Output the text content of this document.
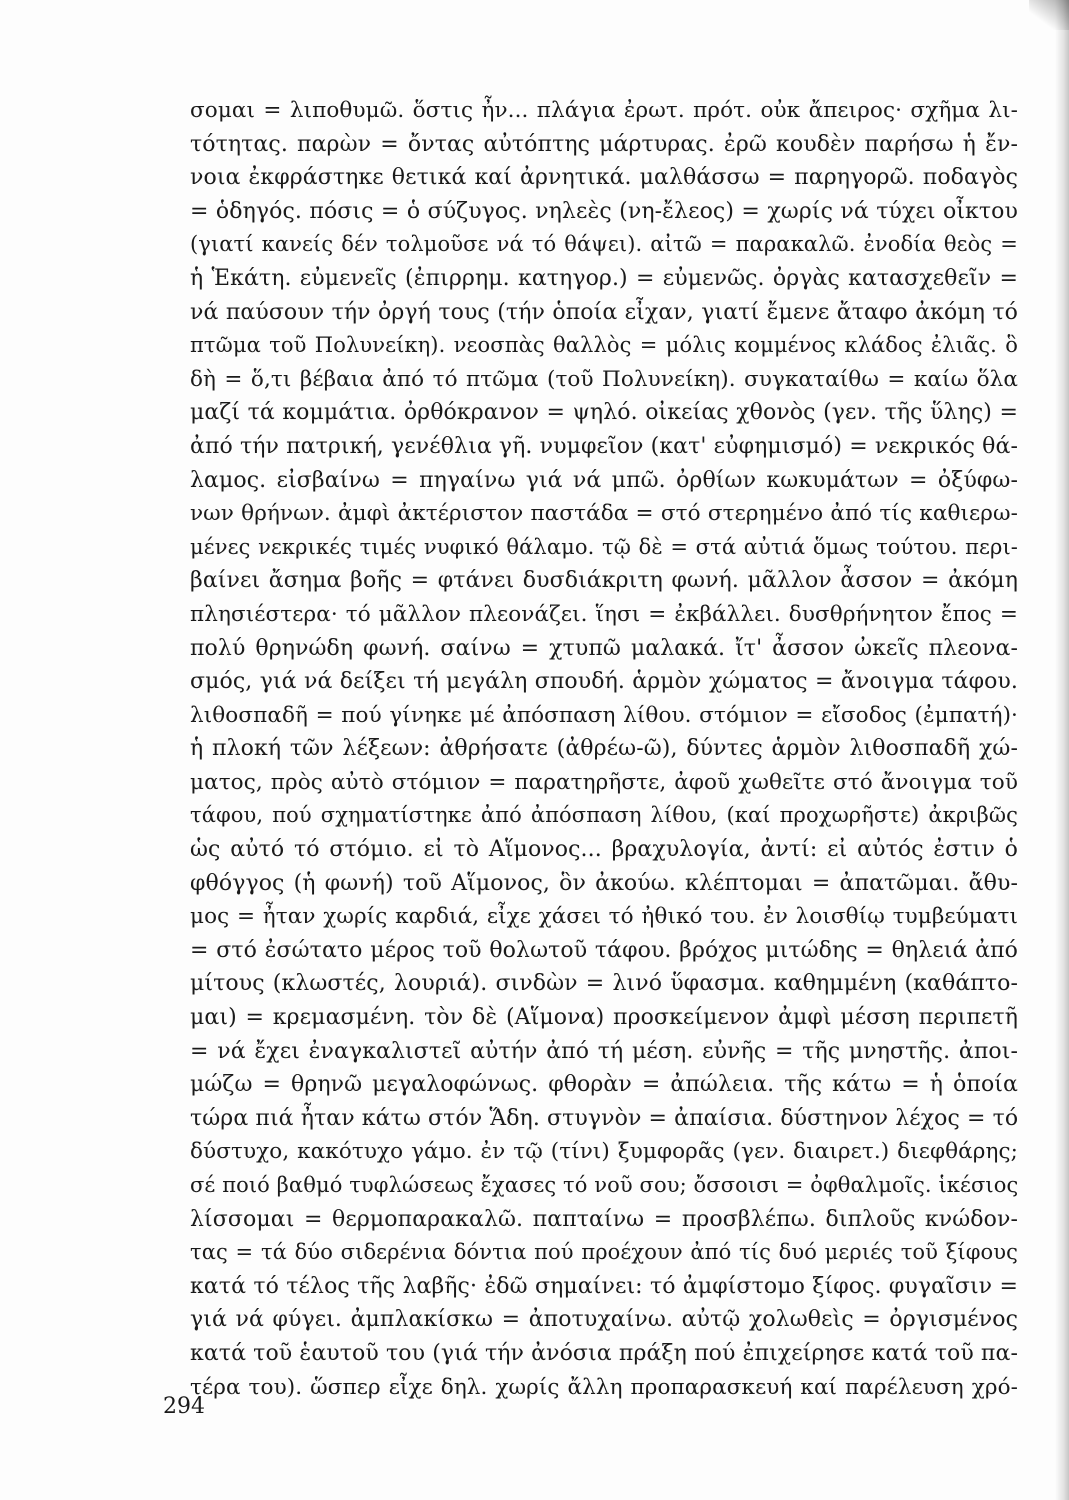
σομαι = λιποθυμῶ. ὅστις ἦν... πλάγια ἐρωτ. πρότ. οὐκ ἄπειρος· σχῆμα λι-
τότητας. παρὼν = ὄντας αὐτόπτης μάρτυρας. ἐρῶ κουδὲν παρήσω ἡ ἔν-
νοια ἐκφράστηκε θετικά καί ἀρνητικά. μαλθάσσω = παρηγορῶ. ποδαγὸς
= ὁδηγός. πόσις = ὁ σύζυγος. νηλεὲς (νη-ἔλεος) = χωρίς νά τύχει οἶκτου
(γιατί κανείς δέν τολμοῦσε νά τό θάψει). αἰτῶ = παρακαλῶ. ἐνοδία θεὸς =
ἡ Ἑκάτη. εὐμενεῖς (ἐπιρρημ. κατηγορ.) = εὐμενῶς. ὀργὰς κατασχεθεῖν =
νά παύσουν τήν ὀργή τους (τήν ὁποία εἶχαν, γιατί ἔμενε ἄταφο ἀκόμη τό
πτῶμα τοῦ Πολυνείκη). νεοσπὰς θαλλὸς = μόλις κομμένος κλάδος ἐλιᾶς. ὃ
δὴ = ὅ,τι βέβαια ἀπό τό πτῶμα (τοῦ Πολυνείκη). συγκαταίθω = καίω ὅλα
μαζί τά κομμάτια. ὀρθόκρανον = ψηλό. οἰκείας χθονὸς (γεν. τῆς ὕλης) =
ἀπό τήν πατρική, γενέθλια γῆ. νυμφεῖον (κατ' εὐφημισμό) = νεκρικός θά-
λαμος. εἰσβαίνω = πηγαίνω γιά νά μπῶ. ὀρθίων κωκυμάτων = ὀξύφω-
νων θρήνων. ἀμφὶ ἀκτέριστον παστάδα = στό στερημένο ἀπό τίς καθιερω-
μένες νεκρικές τιμές νυφικό θάλαμο. τῷ δὲ = στά αὐτιά ὅμως τούτου. περι-
βαίνει ἄσημα βοῆς = φτάνει δυσδιάκριτη φωνή. μᾶλλον ἆσσον = ἀκόμη
πλησιέστερα· τό μᾶλλον πλεονάζει. ἵησι = ἐκβάλλει. δυσθρήνητον ἔπος =
πολύ θρηνώδη φωνή. σαίνω = χτυπῶ μαλακά. ἴτ' ἆσσον ὠκεῖς πλεονα-
σμός, γιά νά δείξει τή μεγάλη σπουδή. ἁρμὸν χώματος = ἄνοιγμα τάφου.
λιθοσπαδῆ = πού γίνηκε μέ ἀπόσπαση λίθου. στόμιον = εἴσοδος (ἐμπατή)·
ἡ πλοκή τῶν λέξεων: ἀθρήσατε (ἀθρέω-ῶ), δύντες ἁρμὸν λιθοσπαδῆ χώ-
ματος, πρὸς αὐτὸ στόμιον = παρατηρῆστε, ἀφοῦ χωθεῖτε στό ἄνοιγμα τοῦ
τάφου, πού σχηματίστηκε ἀπό ἀπόσπαση λίθου, (καί προχωρῆστε) ἀκριβῶς
ὡς αὐτό τό στόμιο. εἰ τὸ Αἵμονος... βραχυλογία, ἀντί: εἰ αὐτός ἐστιν ὁ
φθόγγος (ἡ φωνή) τοῦ Αἵμονος, ὃν ἀκούω. κλέπτομαι = ἀπατῶμαι. ἄθυ-
μος = ἦταν χωρίς καρδιά, εἶχε χάσει τό ἠθικό του. ἐν λοισθίῳ τυμβεύματι
= στό ἐσώτατο μέρος τοῦ θολωτοῦ τάφου. βρόχος μιτώδης = θηλειά ἀπό
μίτους (κλωστές, λουριά). σινδὼν = λινό ὕφασμα. καθημμένη (καθάπτο-
μαι) = κρεμασμένη. τὸν δὲ (Αἵμονα) προσκείμενον ἀμφὶ μέσση περιπετῆ
= νά ἔχει ἐναγκαλιστεῖ αὐτήν ἀπό τή μέση. εὐνῆς = τῆς μνηστῆς. ἀποι-
μώζω = θρηνῶ μεγαλοφώνως. φθορὰν = ἀπώλεια. τῆς κάτω = ἡ ὁποία
τώρα πιά ἦταν κάτω στόν Ἅδη. στυγνὸν = ἀπαίσια. δύστηνον λέχος = τό
δύστυχο, κακότυχο γάμο. ἐν τῷ (τίνι) ξυμφορᾶς (γεν. διαιρετ.) διεφθάρης;
σέ ποιό βαθμό τυφλώσεως ἔχασες τό νοῦ σου; ὄσσοισι = ὀφθαλμοῖς. ἱκέσιος
λίσσομαι = θερμοπαρακαλῶ. παπταίνω = προσβλέπω. διπλοῦς κνώδον-
τας = τά δύο σιδερένια δόντια πού προέχουν ἀπό τίς δυό μεριές τοῦ ξίφους
κατά τό τέλος τῆς λαβῆς· ἐδῶ σημαίνει: τό ἀμφίστομο ξίφος. φυγαῖσιν =
γιά νά φύγει. ἀμπλακίσκω = ἀποτυχαίνω. αὐτῷ χολωθεὶς = ὀργισμένος
κατά τοῦ ἑαυτοῦ του (γιά τήν ἀνόσια πράξη πού ἐπιχείρησε κατά τοῦ πα-
τέρα του). ὥσπερ εἶχε δηλ. χωρίς ἄλλη προπαρασκευή καί παρέλευση χρό-
294
